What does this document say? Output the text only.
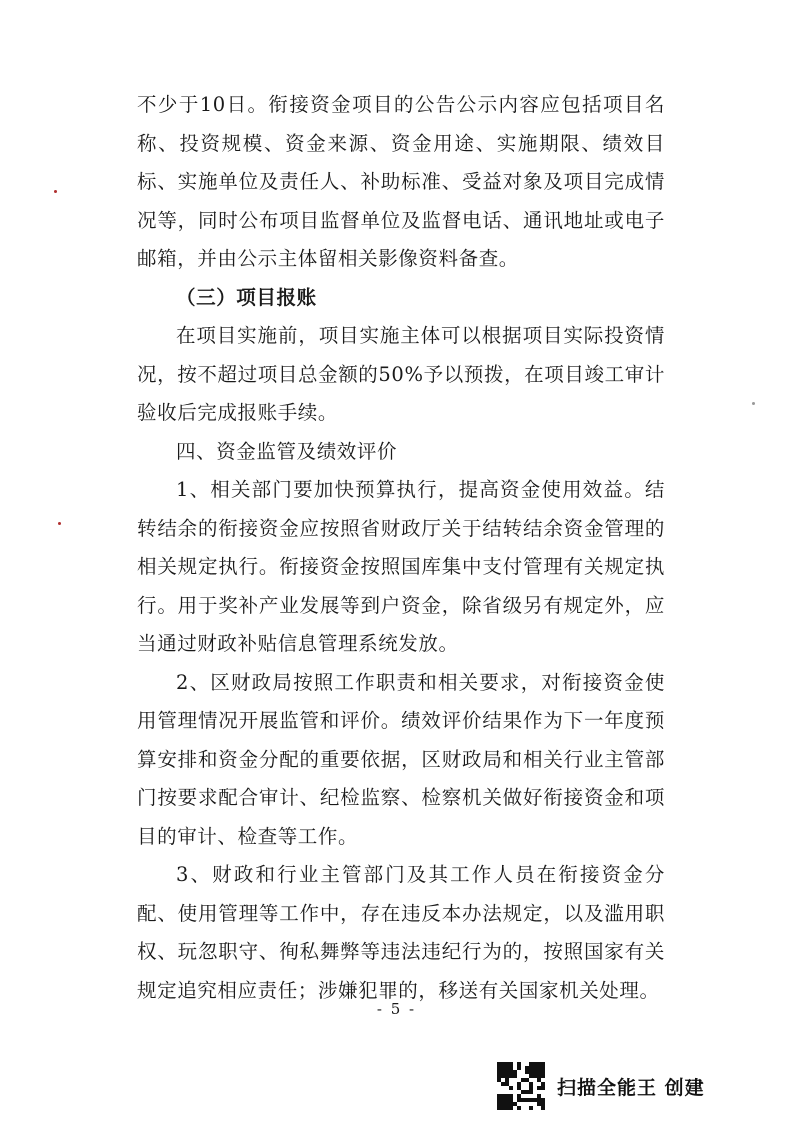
不少于10日。衔接资金项目的公告公示内容应包括项目名称、投资规模、资金来源、资金用途、实施期限、绩效目标、实施单位及责任人、补助标准、受益对象及项目完成情况等，同时公布项目监督单位及监督电话、通讯地址或电子邮箱，并由公示主体留相关影像资料备查。

（三）项目报账

在项目实施前，项目实施主体可以根据项目实际投资情况，按不超过项目总金额的50%予以预拨，在项目竣工审计验收后完成报账手续。

四、资金监管及绩效评价

1、相关部门要加快预算执行，提高资金使用效益。结转结余的衔接资金应按照省财政厅关于结转结余资金管理的相关规定执行。衔接资金按照国库集中支付管理有关规定执行。用于奖补产业发展等到户资金，除省级另有规定外，应当通过财政补贴信息管理系统发放。

2、区财政局按照工作职责和相关要求，对衔接资金使用管理情况开展监管和评价。绩效评价结果作为下一年度预算安排和资金分配的重要依据，区财政局和相关行业主管部门按要求配合审计、纪检监察、检察机关做好衔接资金和项目的审计、检查等工作。

3、财政和行业主管部门及其工作人员在衔接资金分配、使用管理等工作中，存在违反本办法规定，以及滥用职权、玩忽职守、徇私舞弊等违法违纪行为的，按照国家有关规定追究相应责任；涉嫌犯罪的，移送有关国家机关处理。

- 5 -
扫描全能王 创建
